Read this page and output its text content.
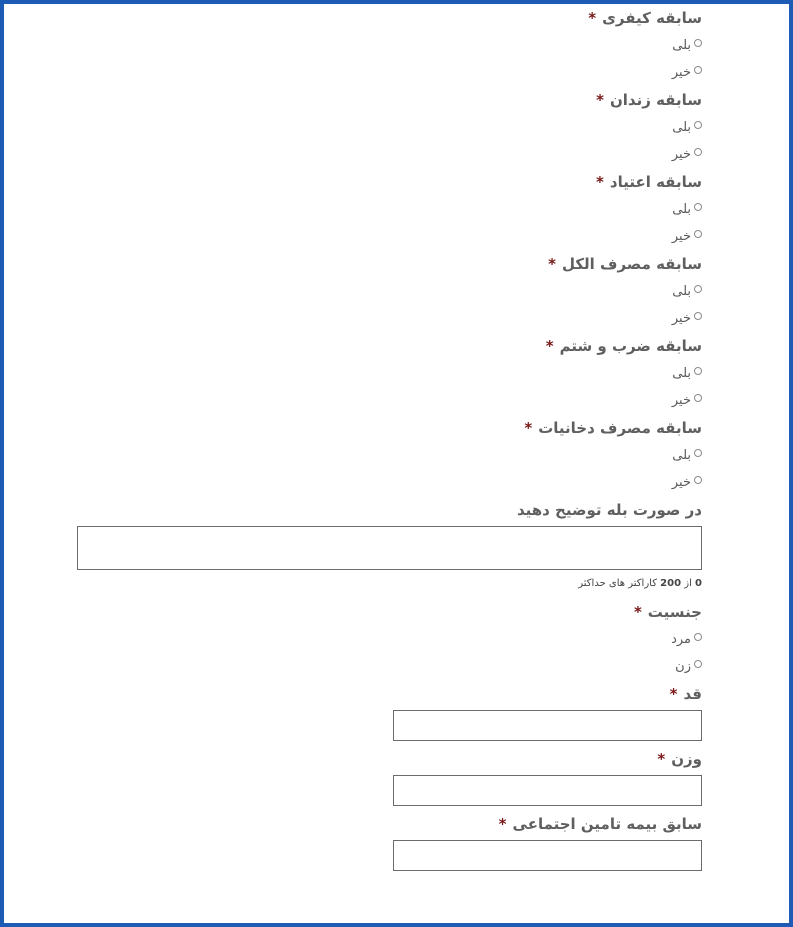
سابقه کیفری*
بلی
خیر
سابقه زندان*
بلی
خیر
سابقه اعتیاد*
بلی
خیر
سابقه مصرف الکل*
بلی
خیر
سابقه ضرب و شتم*
بلی
خیر
سابقه مصرف دخانیات*
بلی
خیر
در صورت بله توضیح دهید
0 از 200 کاراکتر های حداکثر
جنسیت*
مرد
زن
قد*
وزن*
سابق بیمه تامین اجتماعی*
